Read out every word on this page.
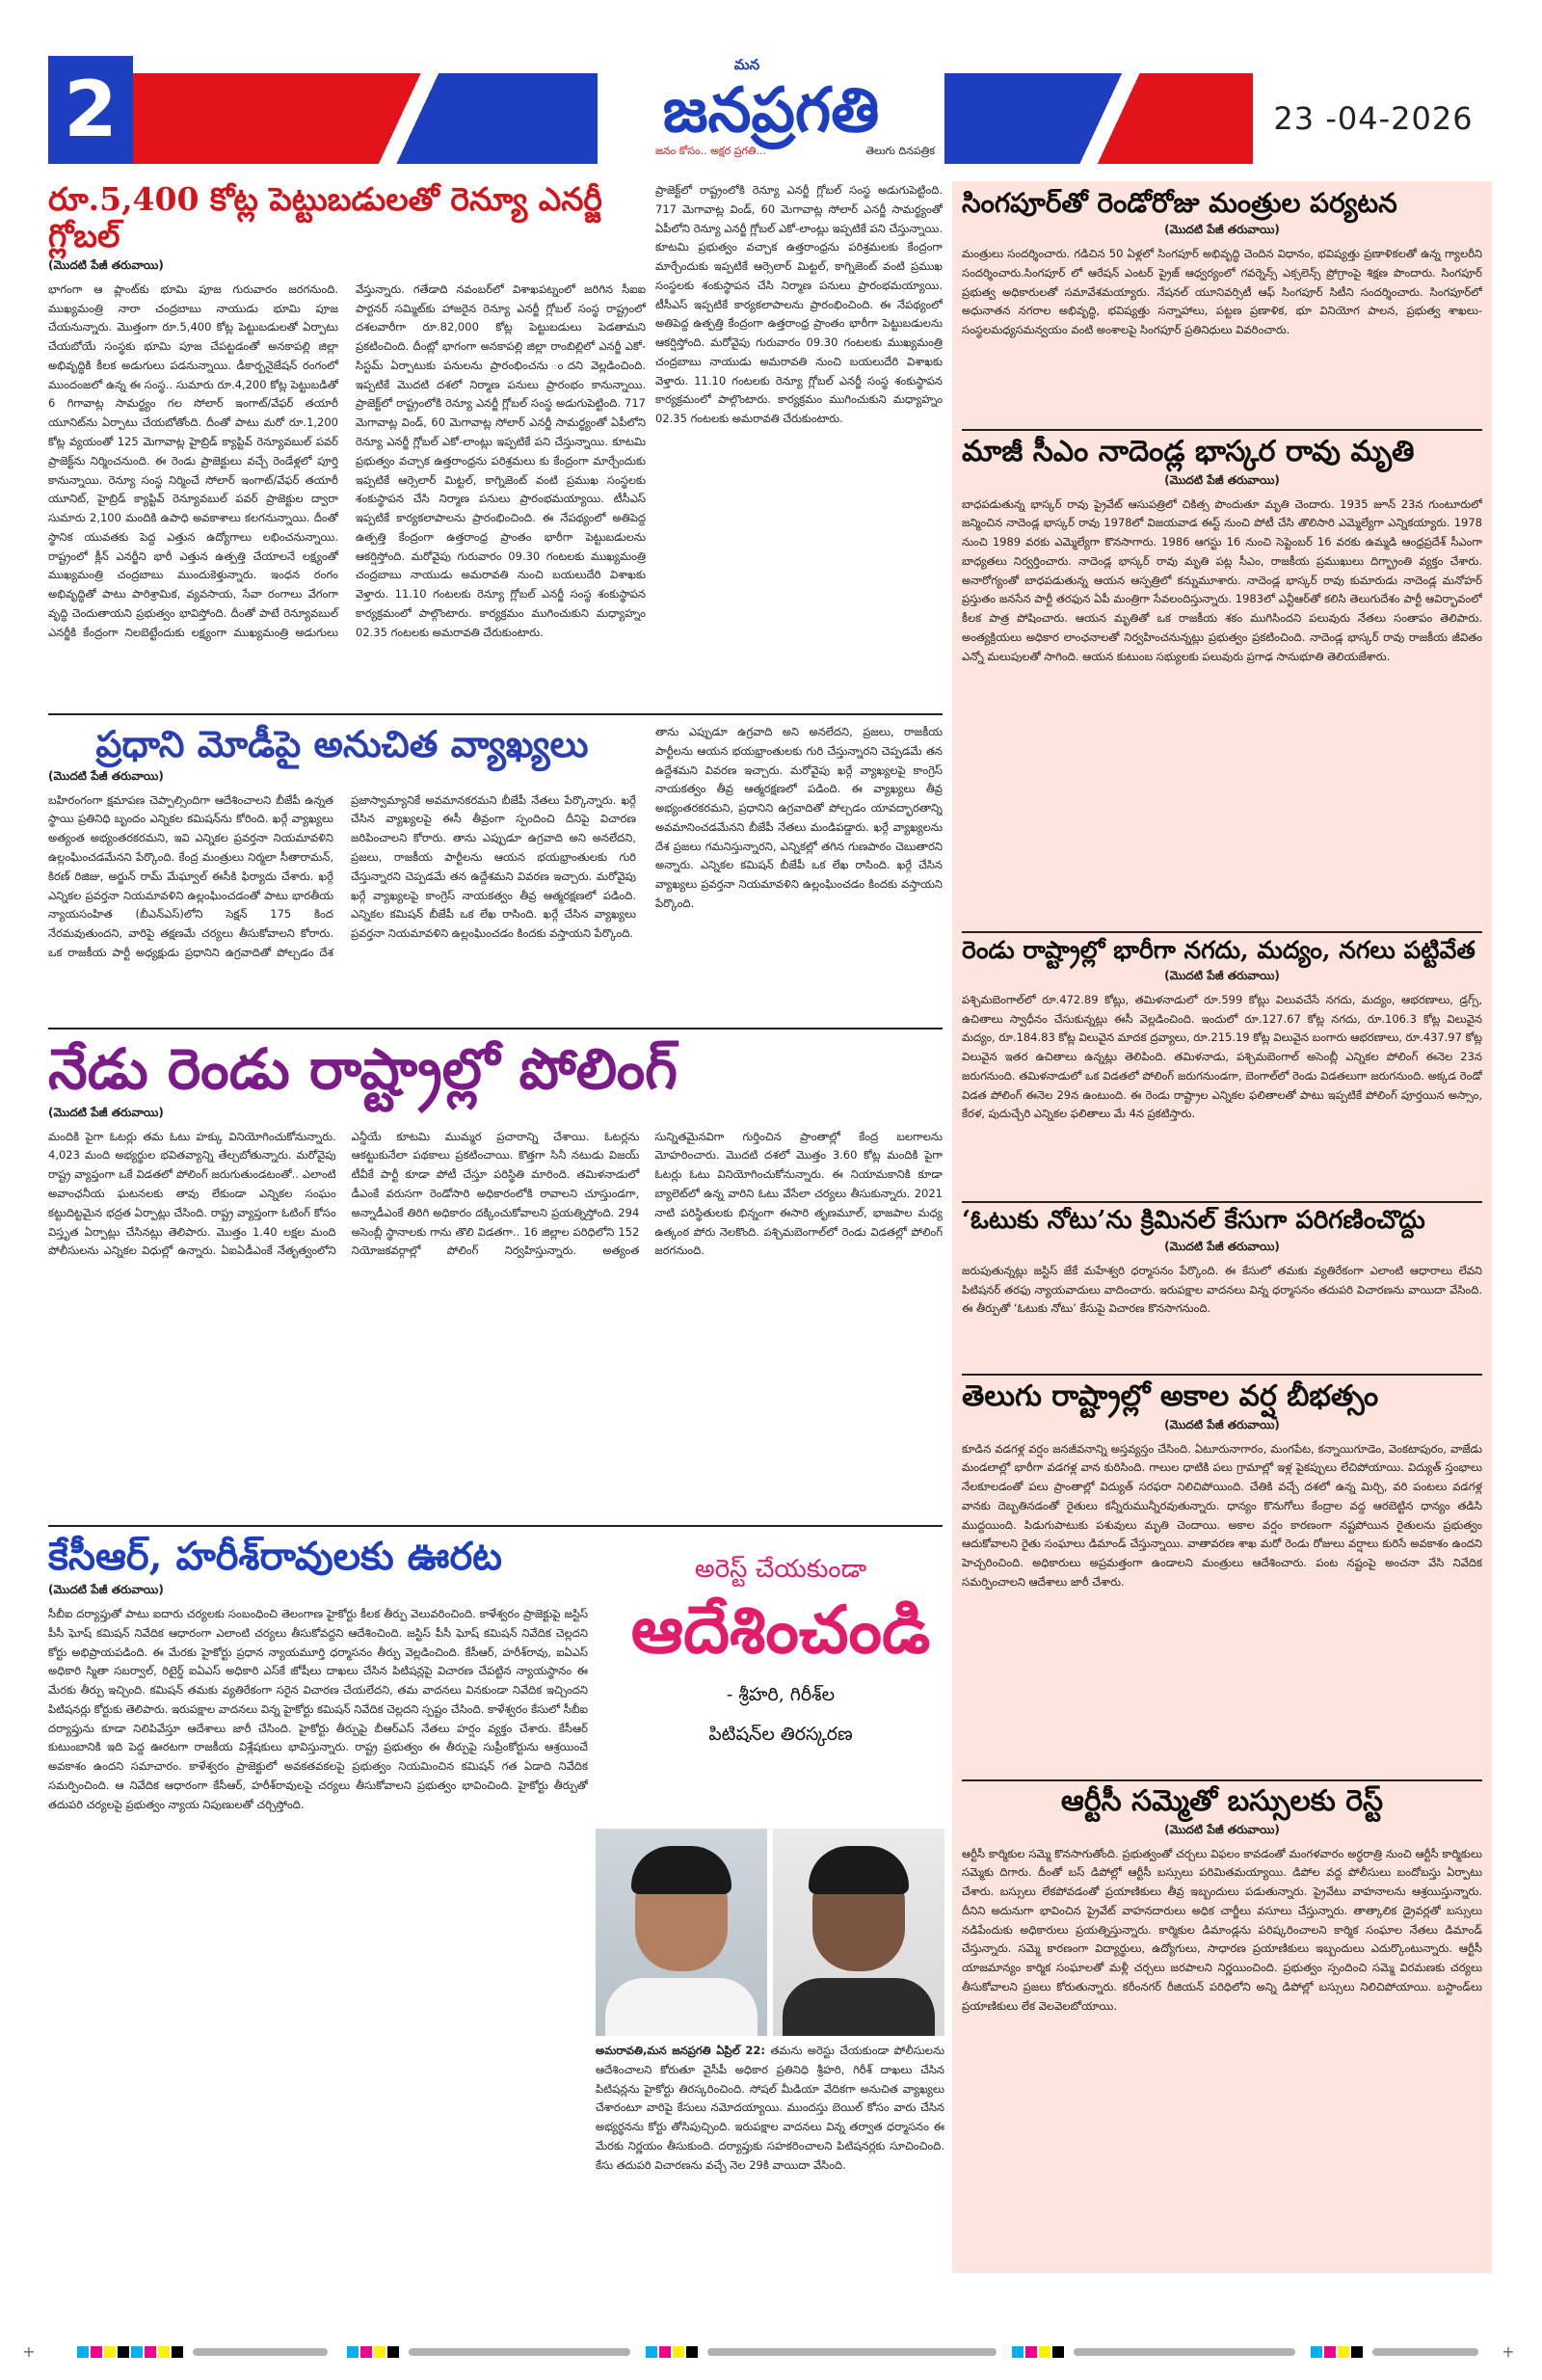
2	మన
జనప్రగతి
జనం కోసం.. అక్షర ప్రగతి...	తెలుగు దినపత్రిక
23 -04-2026
రూ.5,400 కోట్ల పెట్టుబడులతో రెన్యూ ఎనర్జీ గ్లోబల్
(మొదటి పేజీ తరువాయి)
భాగంగా ఆ ప్లాంట్‌కు భూమి పూజ గురువారం జరగనుంది. ముఖ్యమంత్రి నారా చంద్రబాబు నాయుడు భూమి పూజ చేయనున్నారు. మొత్తంగా రూ.5,400 కోట్ల పెట్టుబడులతో ఏర్పాటు చేయబోయే సంస్థకు భూమి పూజ చేపట్టడంతో అనకాపల్లి జిల్లా అభివృద్ధికి కీలక అడుగులు పడనున్నాయి. డీకార్బనైజేషన్ రంగంలో ముందంజలో ఉన్న ఈ సంస్థ.. సుమారు రూ.4,200 కోట్ల పెట్టుబడితో 6 గిగావాట్ల సామర్థ్యం గల సోలార్ ఇంగాట్/వేఫర్ తయారీ యూనిట్‌ను ఏర్పాటు చేయబోతోంది. దీంతో పాటు మరో రూ.1,200 కోట్ల వ్యయంతో 125 మెగావాట్ల హైబ్రిడ్ క్యాప్టివ్ రెన్యూవబుల్ పవర్ ప్రాజెక్ట్‌ను నిర్మించనుంది. ఈ రెండు ప్రాజెక్టులు వచ్చే రెండేళ్లలో పూర్తి కానున్నాయి. రెన్యూ సంస్థ నిర్మించే సోలార్ ఇంగాట్/వేఫర్ తయారీ యూనిట్, హైబ్రిడ్ క్యాప్టివ్ రెన్యూవబుల్ పవర్ ప్రాజెక్టుల ద్వారా సుమారు 2,100 మందికి ఉపాధి అవకాశాలు కలగనున్నాయి. దీంతో స్థానిక యువతకు పెద్ద ఎత్తున ఉద్యోగాలు లభించనున్నాయి. రాష్ట్రంలో క్లీన్ ఎనర్జీని భారీ ఎత్తున ఉత్పత్తి చేయాలనే లక్ష్యంతో ముఖ్యమంత్రి చంద్రబాబు ముందుకెళ్తున్నారు. ఇంధన రంగం అభివృద్ధితో పాటు పారిశ్రామిక, వ్యవసాయ, సేవా రంగాలు వేగంగా వృద్ధి చెందుతాయని ప్రభుత్వం భావిస్తోంది. దీంతో పాటే రెన్యూవబుల్ ఎనర్జీకి కేంద్రంగా నిలబెట్టేందుకు లక్ష్యంగా ముఖ్యమంత్రి అడుగులు వేస్తున్నారు. గతేడాది నవంబర్‌లో విశాఖపట్నంలో జరిగిన సీఐఐ పార్టనర్ సమ్మిట్‌కు హాజరైన రెన్యూ ఎనర్జీ గ్లోబల్ సంస్థ రాష్ట్రంలో దశలవారీగా రూ.82,000 కోట్ల పెట్టుబడులు పెడతామని ప్రకటించింది. దీంట్లో భాగంగా అనకాపల్లి జిల్లా రాంబిల్లిలో ఎనర్జీ ఎకో-సిస్టమ్ ఏర్పాటుకు పనులను ప్రారంభించను ందని వెల్లడించింది. ఇప్పటికే మొదటి దశలో నిర్మాణ పనులు ప్రారంభం కానున్నాయి. ప్రాజెక్ట్‌లో రాష్ట్రంలోకి రెన్యూ ఎనర్జీ గ్లోబల్ సంస్థ అడుగుపెట్టింది. 717 మెగావాట్ల విండ్, 60 మెగావాట్ల సోలార్ ఎనర్జీ సామర్థ్యంతో ఏపీలోని రెన్యూ ఎనర్జీ గ్లోబల్ ఎకో-లాంట్లు ఇప్పటికే పని చేస్తున్నాయి. కూటమి ప్రభుత్వం వచ్చాక ఉత్తరాంధ్రను పరిశ్రమలు కు కేంద్రంగా మార్చేందుకు ఇప్పటికే ఆర్సెలార్ మిట్టల్, కాగ్నిజెంట్‌ వంటి ప్రముఖ సంస్థలకు శంకుస్థాపన చేసి నిర్మాణ పనులు ప్రారంభమయ్యాయి. టీసీఎస్ ఇప్పటికే కార్యకలాపాలను ప్రారంభించింది. ఈ నేపథ్యంలో అతిపెద్ద ఉత్పత్తి కేంద్రంగా ఉత్తరాంధ్ర ప్రాంతం భారీగా పెట్టుబడులను ఆకర్షిస్తోంది. మరోవైపు గురువారం 09.30 గంటలకు ముఖ్యమంత్రి చంద్రబాబు నాయుడు అమరావతి నుంచి బయలుదేరి విశాఖకు వెళ్తారు. 11.10 గంటలకు రెన్యూ గ్లోబల్ ఎనర్జీ సంస్థ శంకుస్థాపన కార్యక్రమంలో పాల్గొంటారు. కార్యక్రమం ముగించుకుని మధ్యాహ్నం 02.35 గంటలకు అమరావతి చేరుకుంటారు.
ప్రాజెక్ట్‌లో రాష్ట్రంలోకి రెన్యూ ఎనర్జీ గ్లోబల్ సంస్థ అడుగుపెట్టింది. 717 మెగావాట్ల విండ్, 60 మెగావాట్ల సోలార్ ఎనర్జీ సామర్థ్యంతో ఏపీలోని రెన్యూ ఎనర్జీ గ్లోబల్ ఎకో-లాంట్లు ఇప్పటికే పని చేస్తున్నాయి. కూటమి ప్రభుత్వం వచ్చాక ఉత్తరాంధ్రను పరిశ్రమలకు కేంద్రంగా మార్చేందుకు ఇప్పటికే ఆర్సెలార్ మిట్టల్, కాగ్నిజెంట్‌ వంటి ప్రముఖ సంస్థలకు శంకుస్థాపన చేసి నిర్మాణ పనులు ప్రారంభమయ్యాయి. టీసీఎస్ ఇప్పటికే కార్యకలాపాలను ప్రారంభించింది. ఈ నేపథ్యంలో అతిపెద్ద ఉత్పత్తి కేంద్రంగా ఉత్తరాంధ్ర ప్రాంతం భారీగా పెట్టుబడులను ఆకర్షిస్తోంది. మరోవైపు గురువారం 09.30 గంటలకు ముఖ్యమంత్రి చంద్రబాబు నాయుడు అమరావతి నుంచి బయలుదేరి విశాఖకు వెళ్తారు. 11.10 గంటలకు రెన్యూ గ్లోబల్ ఎనర్జీ సంస్థ శంకుస్థాపన కార్యక్రమంలో పాల్గొంటారు. కార్యక్రమం ముగించుకుని మధ్యాహ్నం 02.35 గంటలకు అమరావతి చేరుకుంటారు.
ప్రధాని మోడీపై అనుచిత వ్యాఖ్యలు
(మొదటి పేజీ తరువాయి)
బహిరంగంగా క్షమాపణ చెప్పాల్సిందిగా ఆదేశించాలని బీజేపీ ఉన్నత స్థాయి ప్రతినిధి బృందం ఎన్నికల కమిషన్‌ను కోరింది. ఖర్గే వ్యాఖ్యలు అత్యంత అభ్యంతరకరమని, ఇవి ఎన్నికల ప్రవర్తనా నియమావళిని ఉల్లంఘించడమేనని పేర్కొంది. కేంద్ర మంత్రులు నిర్మలా సీతారామన్, కిరణ్ రిజిజు, అర్జున్ రామ్ మేఘ్వాల్ ఈసీకి ఫిర్యాదు చేశారు. ఖర్గే ఎన్నికల ప్రవర్తనా నియమావళిని ఉల్లంఘించడంతో పాటు భారతీయ న్యాయసంహిత (బీఎన్ఎస్)లోని సెక్షన్ 175 కింద నేరమవుతుందని, వారిపై తక్షణమే చర్యలు తీసుకోవాలని కోరారు. ఒక రాజకీయ పార్టీ అధ్యక్షుడు ప్రధానిని ఉగ్రవాదితో పోల్చడం దేశ ప్రజాస్వామ్యానికే అవమానకరమని బీజేపీ నేతలు పేర్కొన్నారు. ఖర్గే చేసిన వ్యాఖ్యలపై ఈసీ తీవ్రంగా స్పందించి దీనిపై విచారణ జరిపించాలని కోరారు. తాను ఎప్పుడూ ఉగ్రవాది అని అనలేదని, ప్రజలు, రాజకీయ పార్టీలను ఆయన భయభ్రాంతులకు గురి చేస్తున్నారని చెప్పడమే తన ఉద్దేశమని వివరణ ఇచ్చారు. మరోవైపు ఖర్గే వ్యాఖ్యలపై కాంగ్రెస్ నాయకత్వం తీవ్ర ఆత్మరక్షణలో పడింది. ఎన్నికల కమిషన్ బీజేపీ ఒక లేఖ రాసింది. ఖర్గే చేసిన వ్యాఖ్యలు ప్రవర్తనా నియమావళిని ఉల్లంఘించడం కిందకు వస్తాయని పేర్కొంది.
తాను ఎప్పుడూ ఉగ్రవాది అని అనలేదని, ప్రజలు, రాజకీయ పార్టీలను ఆయన భయభ్రాంతులకు గురి చేస్తున్నారని చెప్పడమే తన ఉద్దేశమని వివరణ ఇచ్చారు. మరోవైపు ఖర్గే వ్యాఖ్యలపై కాంగ్రెస్ నాయకత్వం తీవ్ర ఆత్మరక్షణలో పడింది. ఈ వ్యాఖ్యలు తీవ్ర అభ్యంతరకరమని, ప్రధానిని ఉగ్రవాదితో పోల్చడం యావద్భారతాన్ని అవమానించడమేనని బీజేపీ నేతలు మండిపడ్డారు. ఖర్గే వ్యాఖ్యలను దేశ ప్రజలు గమనిస్తున్నారని, ఎన్నికల్లో తగిన గుణపాఠం చెబుతారని అన్నారు. ఎన్నికల కమిషన్ బీజేపీ ఒక లేఖ రాసింది. ఖర్గే చేసిన వ్యాఖ్యలు ప్రవర్తనా నియమావళిని ఉల్లంఘించడం కిందకు వస్తాయని పేర్కొంది.
నేడు రెండు రాష్ట్రాల్లో పోలింగ్
(మొదటి పేజీ తరువాయి)
మందికి పైగా ఓటర్లు తమ ఓటు హక్కు వినియోగించుకోనున్నారు. 4,023 మంది అభ్యర్థుల భవితవ్యాన్ని తేల్చబోతున్నారు. మరోవైపు రాష్ట్ర వ్యాప్తంగా ఒకే విడతలో పోలింగ్ జరుగుతుండటంతో.. ఎలాంటి అవాంఛనీయ ఘటనలకు తావు లేకుండా ఎన్నికల సంఘం కట్టుదిట్టమైన భద్రత ఏర్పాట్లు చేసింది. రాష్ట్ర వ్యాప్తంగా ఓటింగ్ కోసం విస్తృత ఏర్పాట్లు చేసినట్లు తెలిపారు. మొత్తం 1.40 లక్షల మంది పోలీసులను ఎన్నికల విధుల్లో ఉన్నారు. ఏఐఏడీఎంకే నేతృత్వంలోని ఎన్డీయే కూటమి ముమ్మర ప్రచారాన్ని చేశాయి. ఓటర్లను ఆకట్టుకునేలా పథకాలు ప్రకటించాయి. కొత్తగా సినీ నటుడు విజయ్ టీవీకే పార్టీ కూడా పోటీ చేస్తూ పరిస్థితి మారింది. తమిళనాడులో డీఎంకే వరుసగా రెండోసారి అధికారంలోకి రావాలని చూస్తుండగా, అన్నాడీఎంకే తిరిగి అధికారం దక్కించుకోవాలని ప్రయత్నిస్తోంది. 294 అసెంబ్లీ స్థానాలకు గాను తొలి విడతగా.. 16 జిల్లాల పరిధిలోని 152 నియోజకవర్గాల్లో పోలింగ్ నిర్వహిస్తున్నారు. అత్యంత సున్నితమైనవిగా గుర్తించిన ప్రాంతాల్లో కేంద్ర బలగాలను మోహరించారు. మొదటి దశలో మొత్తం 3.60 కోట్ల మందికి పైగా ఓటర్లు ఓటు వినియోగించుకోనున్నారు. ఈ నియామకానికి కూడా బ్యాలెట్‌లో ఉన్న వారిని ఓటు వేసేలా చర్యలు తీసుకున్నారు. 2021 నాటి పరిస్థితులకు భిన్నంగా ఈసారి తృణమూల్, భాజపాల మధ్య ఉత్కంఠ పోరు నెలకొంది. పశ్చిమబెంగాల్‌లో రెండు విడతల్లో పోలింగ్ జరగనుంది.
కేసీఆర్, హరీశ్‌రావులకు ఊరట
(మొదటి పేజీ తరువాయి)
సీబీఐ దర్యాప్తుతో పాటు ఐదారు చర్యలకు సంబంధించి తెలంగాణ హైకోర్టు కీలక తీర్పు వెలువరించింది. కాళేశ్వరం ప్రాజెక్టుపై జస్టిస్ పీసీ ఘోష్ కమిషన్ నివేదిక ఆధారంగా ఎలాంటి చర్యలు తీసుకోవద్దని ఆదేశించింది. జస్టిస్ పీసీ ఘోష్ కమిషన్ నివేదిక చెల్లదని కోర్టు అభిప్రాయపడింది. ఈ మేరకు హైకోర్టు ప్రధాన న్యాయమూర్తి ధర్మాసనం తీర్పు వెల్లడించింది. కేసీఆర్, హరీశ్‌రావు, ఐఏఎస్ అధికారి స్మితా సబర్వాల్, రిటైర్డ్ ఐఏఎస్ అధికారి ఎస్‌కే జోషీలు దాఖలు చేసిన పిటిషన్లపై విచారణ చేపట్టిన న్యాయస్థానం ఈ మేరకు తీర్పు ఇచ్చింది. కమిషన్ తమకు వ్యతిరేకంగా సరైన విచారణ చేయలేదని, తమ వాదనలు వినకుండా నివేదిక ఇచ్చిందని పిటిషనర్లు కోర్టుకు తెలిపారు. ఇరుపక్షాల వాదనలు విన్న హైకోర్టు కమిషన్ నివేదిక చెల్లదని స్పష్టం చేసింది. కాళేశ్వరం కేసులో సీబీఐ దర్యాప్తును కూడా నిలిపివేస్తూ ఆదేశాలు జారీ చేసింది. హైకోర్టు తీర్పుపై బీఆర్ఎస్ నేతలు హర్షం వ్యక్తం చేశారు. కేసీఆర్ కుటుంబానికి ఇది పెద్ద ఊరటగా రాజకీయ విశ్లేషకులు భావిస్తున్నారు. రాష్ట్ర ప్రభుత్వం ఈ తీర్పుపై సుప్రీంకోర్టును ఆశ్రయించే అవకాశం ఉందని సమాచారం. కాళేశ్వరం ప్రాజెక్టులో అవకతవకలపై ప్రభుత్వం నియమించిన కమిషన్ గత ఏడాది నివేదిక సమర్పించింది. ఆ నివేదిక ఆధారంగా కేసీఆర్, హరీశ్‌రావులపై చర్యలు తీసుకోవాలని ప్రభుత్వం భావించింది. హైకోర్టు తీర్పుతో తదుపరి చర్యలపై ప్రభుత్వం న్యాయ నిపుణులతో చర్చిస్తోంది.
అరెస్ట్ చేయకుండా
ఆదేశించండి
- శ్రీహరి, గిరీశ్‌ల
పిటిషన్‌ల తిరస్కరణ
అమరావతి,మన జనప్రగతి ఏప్రిల్ 22: తమను అరెస్టు చేయకుండా పోలీసులను ఆదేశించాలని కోరుతూ వైసీపీ అధికార ప్రతినిధి శ్రీహరి, గిరీశ్ దాఖలు చేసిన పిటిషన్లను హైకోర్టు తిరస్కరించింది. సోషల్ మీడియా వేదికగా అనుచిత వ్యాఖ్యలు చేశారంటూ వారిపై కేసులు నమోదయ్యాయి. ముందస్తు బెయిల్ కోసం వారు చేసిన అభ్యర్థనను కోర్టు తోసిపుచ్చింది. ఇరుపక్షాల వాదనలు విన్న తర్వాత ధర్మాసనం ఈ మేరకు నిర్ణయం తీసుకుంది. దర్యాప్తుకు సహకరించాలని పిటిషనర్లకు సూచించింది. కేసు తదుపరి విచారణను వచ్చే నెల 29కి వాయిదా వేసింది.
సింగపూర్‌తో రెండోరోజు మంత్రుల పర్యటన
(మొదటి పేజీ తరువాయి)
మంత్రులు సందర్శించారు. గడిచిన 50 ఏళ్లలో సింగపూర్ అభివృద్ధి చెందిన విధానం, భవిష్యత్తు ప్రణాళికలతో ఉన్న గ్యాలరీని సందర్శించారు.సింగపూర్ లో ఆరేషన్ ఎంటర్ ప్రైజ్ ఆధ్వర్యంలో గవర్నెన్స్ ఎక్సలెన్స్ ప్రోగ్రాంపై శిక్షణ పొందారు. సింగపూర్ ప్రభుత్వ అధికారులతో సమావేశమయ్యారు. నేషనల్ యూనివర్సిటీ ఆఫ్ సింగపూర్ సిటీని సందర్శించారు. సింగపూర్‌లో అధునాతన నగరాల అభివృద్ధి, భవిష్యత్తు సన్నాహాలు, పట్టణ ప్రణాళిక, భూ వినియోగ పాలన, ప్రభుత్వ శాఖలు- సంస్థలమధ్యసమన్వయం వంటి అంశాలపై సింగపూర్ ప్రతినిధులు వివరించారు.
మాజీ సీఎం నాదెండ్ల భాస్కర రావు మృతి
(మొదటి పేజీ తరువాయి)
బాధపడుతున్న భాస్కర్ రావు ప్రైవేట్ ఆసుపత్రిలో చికిత్స పొందుతూ మృతి చెందారు. 1935 జూన్ 23న గుంటూరులో జన్మించిన నాదెండ్ల భాస్కర్ రావు 1978లో విజయవాడ ఈస్ట్ నుంచి పోటీ చేసి తొలిసారి ఎమ్మెల్యేగా ఎన్నికయ్యారు. 1978 నుంచి 1989 వరకు ఎమ్మెల్యేగా కొనసాగారు. 1986 ఆగస్టు 16 నుంచి సెప్టెంబర్ 16 వరకు ఉమ్మడి ఆంధ్రప్రదేశ్ సీఎంగా బాధ్యతలు నిర్వర్తించారు. నాదెండ్ల భాస్కర్ రావు మృతి పట్ల సీఎం, రాజకీయ ప్రముఖులు దిగ్భ్రాంతి వ్యక్తం చేశారు. అనారోగ్యంతో బాధపడుతున్న ఆయన ఆస్పత్రిలో కన్నుమూశారు. నాదెండ్ల భాస్కర్ రావు కుమారుడు నాదెండ్ల మనోహర్ ప్రస్తుతం జనసేన పార్టీ తరఫున ఏపీ మంత్రిగా సేవలందిస్తున్నారు. 1983లో ఎన్టీఆర్‌తో కలిసి తెలుగుదేశం పార్టీ ఆవిర్భావంలో కీలక పాత్ర పోషించారు. ఆయన మృతితో ఒక రాజకీయ శకం ముగిసిందని పలువురు నేతలు సంతాపం తెలిపారు. అంత్యక్రియలు అధికార లాంఛనాలతో నిర్వహించనున్నట్లు ప్రభుత్వం ప్రకటించింది. నాదెండ్ల భాస్కర్ రావు రాజకీయ జీవితం ఎన్నో మలుపులతో సాగింది. ఆయన కుటుంబ సభ్యులకు పలువురు ప్రగాఢ సానుభూతి తెలియజేశారు.
రెండు రాష్ట్రాల్లో భారీగా నగదు, మద్యం, నగలు పట్టివేత
(మొదటి పేజీ తరువాయి)
పశ్చిమబెంగాల్‌లో రూ.472.89 కోట్లు, తమిళనాడులో రూ.599 కోట్లు విలువచేసే నగదు, మద్యం, ఆభరణాలు, డ్రగ్స్, ఉచితాలు స్వాధీనం చేసుకున్నట్లు ఈసీ వెల్లడించింది. ఇందులో రూ.127.67 కోట్ల నగదు, రూ.106.3 కోట్ల విలువైన మద్యం, రూ.184.83 కోట్ల విలువైన మాదక ద్రవ్యాలు, రూ.215.19 కోట్ల విలువైన బంగారు ఆభరణాలు, రూ.437.97 కోట్ల విలువైన ఇతర ఉచితాలు ఉన్నట్లు తెలిపింది. తమిళనాడు, పశ్చిమబెంగాల్ అసెంబ్లీ ఎన్నికల పోలింగ్ ఈనెల 23న జరుగనుంది. తమిళనాడులో ఒక విడతలో పోలింగ్ జరుగనుండగా, బెంగాల్‌లో రెండు విడతలుగా జరుగనుంది. అక్కడ రెండో విడత పోలింగ్ ఈనెల 29న ఉంటుంది. ఈ రెండు రాష్ట్రాల ఎన్నికల ఫలితాలతో పాటు ఇప్పటికే పోలింగ్ పూర్తయిన అస్సాం, కేరళ, పుదుచ్చేరి ఎన్నికల ఫలితాలు మే 4న ప్రకటిస్తారు.
‘ఓటుకు నోటు’ను క్రిమినల్ కేసుగా పరిగణించొద్దు
(మొదటి పేజీ తరువాయి)
జరుపుతున్నట్లు జస్టిస్ జేకే మహేశ్వరి ధర్మాసనం పేర్కొంది. ఈ కేసులో తమకు వ్యతిరేకంగా ఎలాంటి ఆధారాలు లేవని పిటిషనర్ తరఫు న్యాయవాదులు వాదించారు. ఇరుపక్షాల వాదనలు విన్న ధర్మాసనం తదుపరి విచారణను వాయిదా వేసింది. ఈ తీర్పుతో ‘ఓటుకు నోటు’ కేసుపై విచారణ కొనసాగనుంది.
తెలుగు రాష్ట్రాల్లో అకాల వర్ష బీభత్సం
(మొదటి పేజీ తరువాయి)
కూడిన వడగళ్ల వర్షం జనజీవనాన్ని అస్తవ్యస్తం చేసింది. ఏటూరునాగారం, మంగపేట, కన్నాయిగూడెం, వెంకటాపురం, వాజేడు మండలాల్లో భారీగా వడగళ్ల వాన కురిసింది. గాలుల ధాటికి పలు గ్రామాల్లో ఇళ్ల పైకప్పులు లేచిపోయాయి. విద్యుత్ స్తంభాలు నేలకూలడంతో పలు ప్రాంతాల్లో విద్యుత్ సరఫరా నిలిచిపోయింది. చేతికి వచ్చే దశలో ఉన్న మిర్చి, వరి పంటలు వడగళ్ల వానకు దెబ్బతినడంతో రైతులు కన్నీరుమున్నీరవుతున్నారు. ధాన్యం కొనుగోలు కేంద్రాల వద్ద ఆరబెట్టిన ధాన్యం తడిసి ముద్దయింది. పిడుగుపాటుకు పశువులు మృతి చెందాయి. అకాల వర్షం కారణంగా నష్టపోయిన రైతులను ప్రభుత్వం ఆదుకోవాలని రైతు సంఘాలు డిమాండ్ చేస్తున్నాయి. వాతావరణ శాఖ మరో రెండు రోజులు వర్షాలు కురిసే అవకాశం ఉందని హెచ్చరించింది. అధికారులు అప్రమత్తంగా ఉండాలని మంత్రులు ఆదేశించారు. పంట నష్టంపై అంచనా వేసి నివేదిక సమర్పించాలని ఆదేశాలు జారీ చేశారు.
ఆర్టీసీ సమ్మెతో బస్సులకు రెస్ట్
(మొదటి పేజీ తరువాయి)
ఆర్టీసీ కార్మికుల సమ్మె కొనసాగుతోంది. ప్రభుత్వంతో చర్చలు విఫలం కావడంతో మంగళవారం అర్ధరాత్రి నుంచి ఆర్టీసీ కార్మికులు సమ్మెకు దిగారు. దీంతో బస్ డిపోల్లో ఆర్టీసీ బస్సులు పరిమితమయ్యాయి. డిపోల వద్ద పోలీసులు బందోబస్తు ఏర్పాటు చేశారు. బస్సులు లేకపోవడంతో ప్రయాణికులు తీవ్ర ఇబ్బందులు పడుతున్నారు. ప్రైవేటు వాహనాలను ఆశ్రయిస్తున్నారు. దీనిని అదునుగా భావించిన ప్రైవేట్ వాహనదారులు అధిక చార్జీలు వసూలు చేస్తున్నారు. తాత్కాలిక డ్రైవర్లతో బస్సులు నడిపేందుకు అధికారులు ప్రయత్నిస్తున్నారు. కార్మికుల డిమాండ్లను పరిష్కరించాలని కార్మిక సంఘాల నేతలు డిమాండ్ చేస్తున్నారు. సమ్మె కారణంగా విద్యార్థులు, ఉద్యోగులు, సాధారణ ప్రయాణికులు ఇబ్బందులు ఎదుర్కొంటున్నారు. ఆర్టీసీ యాజమాన్యం కార్మిక సంఘాలతో మళ్లీ చర్చలు జరపాలని నిర్ణయించింది. ప్రభుత్వం స్పందించి సమ్మె విరమణకు చర్యలు తీసుకోవాలని ప్రజలు కోరుతున్నారు. కరీంనగర్ రీజియన్ పరిధిలోని అన్ని డిపోల్లో బస్సులు నిలిచిపోయాయి. బస్టాండ్‌లు ప్రయాణికులు లేక వెలవెలబోయాయి.
+	+
